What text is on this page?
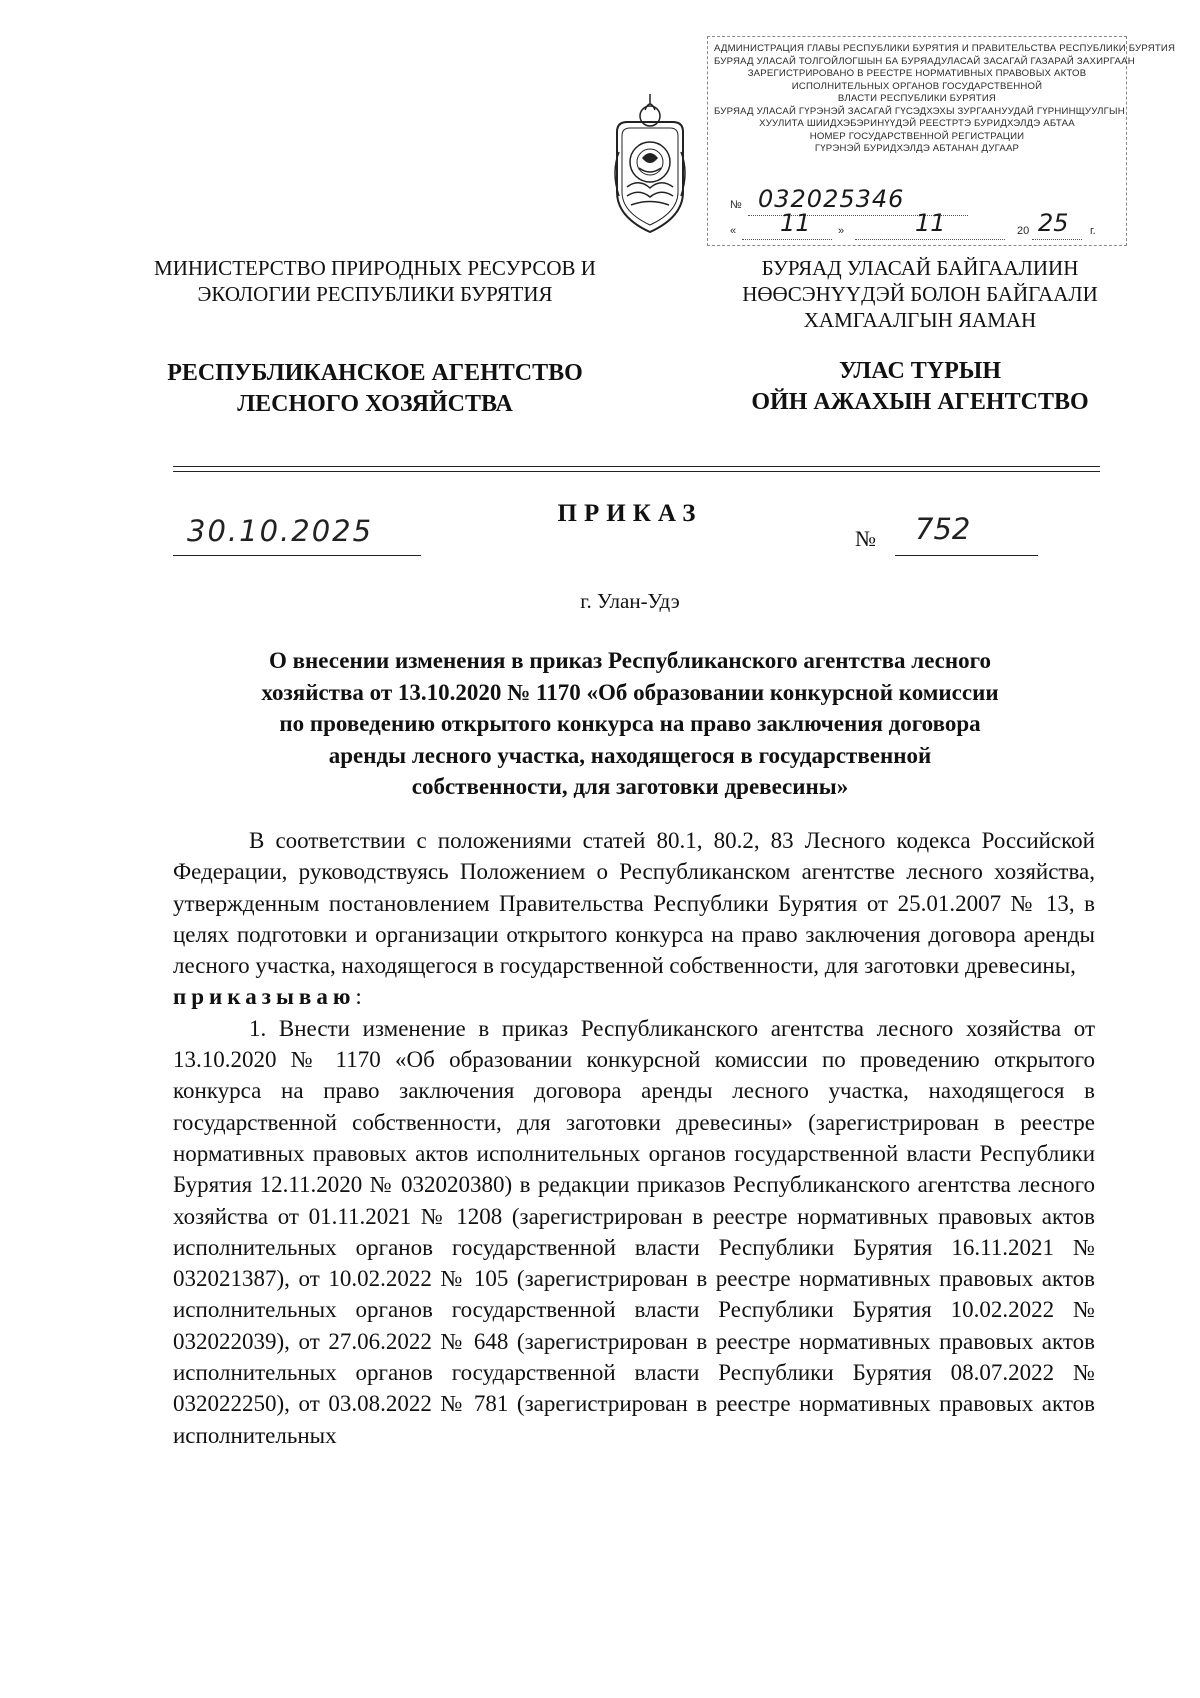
АДМИНИСТРАЦИЯ ГЛАВЫ РЕСПУБЛИКИ БУРЯТИЯ И ПРАВИТЕЛЬСТВА РЕСПУБЛИКИ БУРЯТИЯ
БУРЯАД УЛАСАЙ ТОЛГОЙЛОГШЫН БА БУРЯАДУЛАСАЙ ЗАСАГАЙ ГАЗАРАЙ ЗАХИРГААН
ЗАРЕГИСТРИРОВАНО В РЕЕСТРЕ НОРМАТИВНЫХ ПРАВОВЫХ АКТОВ
ИСПОЛНИТЕЛЬНЫХ ОРГАНОВ ГОСУДАРСТВЕННОЙ
ВЛАСТИ РЕСПУБЛИКИ БУРЯТИЯ
БУРЯАД УЛАСАЙ ГҮРЭНЭЙ ЗАСАГАЙ ГҮСЭДХЭХЫ ЗУРГААНУУДАЙ ГҮРНИНЩУУЛГЫН
ХУУЛИТА ШИИДХЭБЭРИНҮҮДЭЙ РЕЕСТРТЭ БУРИДХЭЛДЭ АБТАА
НОМЕР ГОСУДАРСТВЕННОЙ РЕГИСТРАЦИИ
ГҮРЭНЭЙ БУРИДХЭЛДЭ АБТАHАН ДУГААР
№ 032025346
« 11 »	11	20 25 г.
МИНИСТЕРСТВО ПРИРОДНЫХ РЕСУРСОВ И
ЭКОЛОГИИ РЕСПУБЛИКИ БУРЯТИЯ
БУРЯАД УЛАСАЙ БАЙГААЛИИН
НӨӨСЭНҮҮДЭЙ БОЛОН БАЙГААЛИ
ХАМГААЛГЫН ЯАМАН
РЕСПУБЛИКАНСКОЕ АГЕНТСТВО
ЛЕСНОГО ХОЗЯЙСТВА
УЛАС ТҮРЫН
ОЙН АЖАХЫН АГЕНТСТВО
ПРИКАЗ
30.10.2025	№ 752
г. Улан-Удэ
О внесении изменения в приказ Республиканского агентства лесного
хозяйства от 13.10.2020 № 1170 «Об образовании конкурсной комиссии
по проведению открытого конкурса на право заключения договора
аренды лесного участка, находящегося в государственной
собственности, для заготовки древесины»

В соответствии с положениями статей 80.1, 80.2, 83 Лесного кодекса Российской Федерации, руководствуясь Положением о Республиканском агентстве лесного хозяйства, утвержденным постановлением Правительства Республики Бурятия от 25.01.2007 № 13, в целях подготовки и организации открытого конкурса на право заключения договора аренды лесного участка, находящегося в государственной собственности, для заготовки древесины,
приказываю:

1. Внести изменение в приказ Республиканского агентства лесного хозяйства от 13.10.2020 № 1170 «Об образовании конкурсной комиссии по проведению открытого конкурса на право заключения договора аренды лесного участка, находящегося в государственной собственности, для заготовки древесины» (зарегистрирован в реестре нормативных правовых актов исполнительных органов государственной власти Республики Бурятия 12.11.2020 № 032020380) в редакции приказов Республиканского агентства лесного хозяйства от 01.11.2021 № 1208 (зарегистрирован в реестре нормативных правовых актов исполнительных органов государственной власти Республики Бурятия 16.11.2021 № 032021387), от 10.02.2022 № 105 (зарегистрирован в реестре нормативных правовых актов исполнительных органов государственной власти Республики Бурятия 10.02.2022 № 032022039), от 27.06.2022 № 648 (зарегистрирован в реестре нормативных правовых актов исполнительных органов государственной власти Республики Бурятия 08.07.2022 № 032022250), от 03.08.2022 № 781 (зарегистрирован в реестре нормативных правовых актов исполнительных
